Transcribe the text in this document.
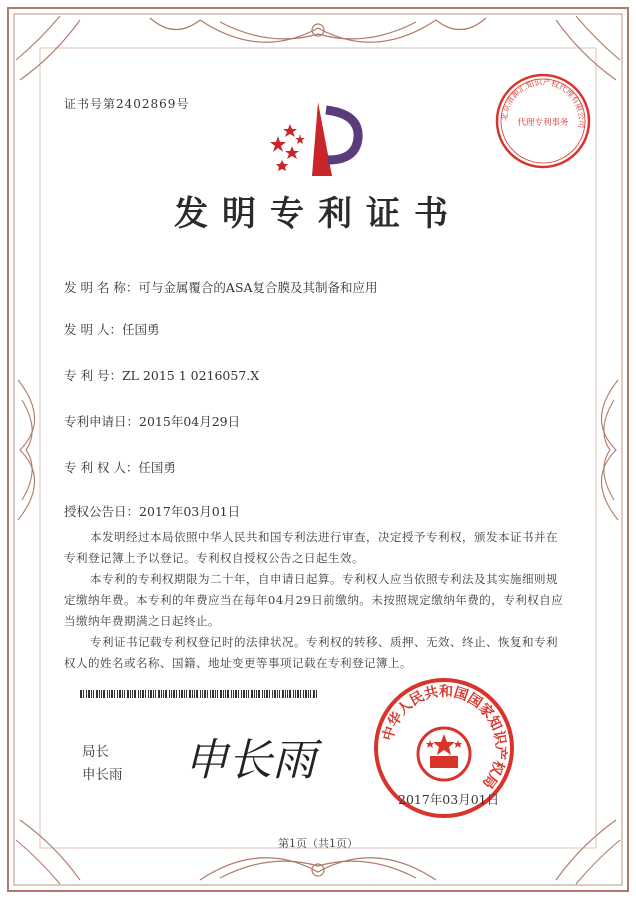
证书号第2402869号
北京清源汇知识产权代理有限公司
代理专利事务
发明专利证书
发 明 名 称：可与金属覆合的ASA复合膜及其制备和应用
发 明 人：任国勇
专 利 号：ZL 2015 1 0216057.X
专利申请日：2015年04月29日
专 利 权 人：任国勇
授权公告日：2017年03月01日
本发明经过本局依照中华人民共和国专利法进行审查，决定授予专利权，颁发本证书并在专利登记簿上予以登记。专利权自授权公告之日起生效。
本专利的专利权期限为二十年，自申请日起算。专利权人应当依照专利法及其实施细则规定缴纳年费。本专利的年费应当在每年04月29日前缴纳。未按照规定缴纳年费的，专利权自应当缴纳年费期满之日起终止。
专利证书记载专利权登记时的法律状况。专利权的转移、质押、无效、终止、恢复和专利权人的姓名或名称、国籍、地址变更等事项记载在专利登记簿上。
局长
申长雨 申长雨
中华人民共和国国家知识产权局
2017年03月01日
第1页（共1页）
